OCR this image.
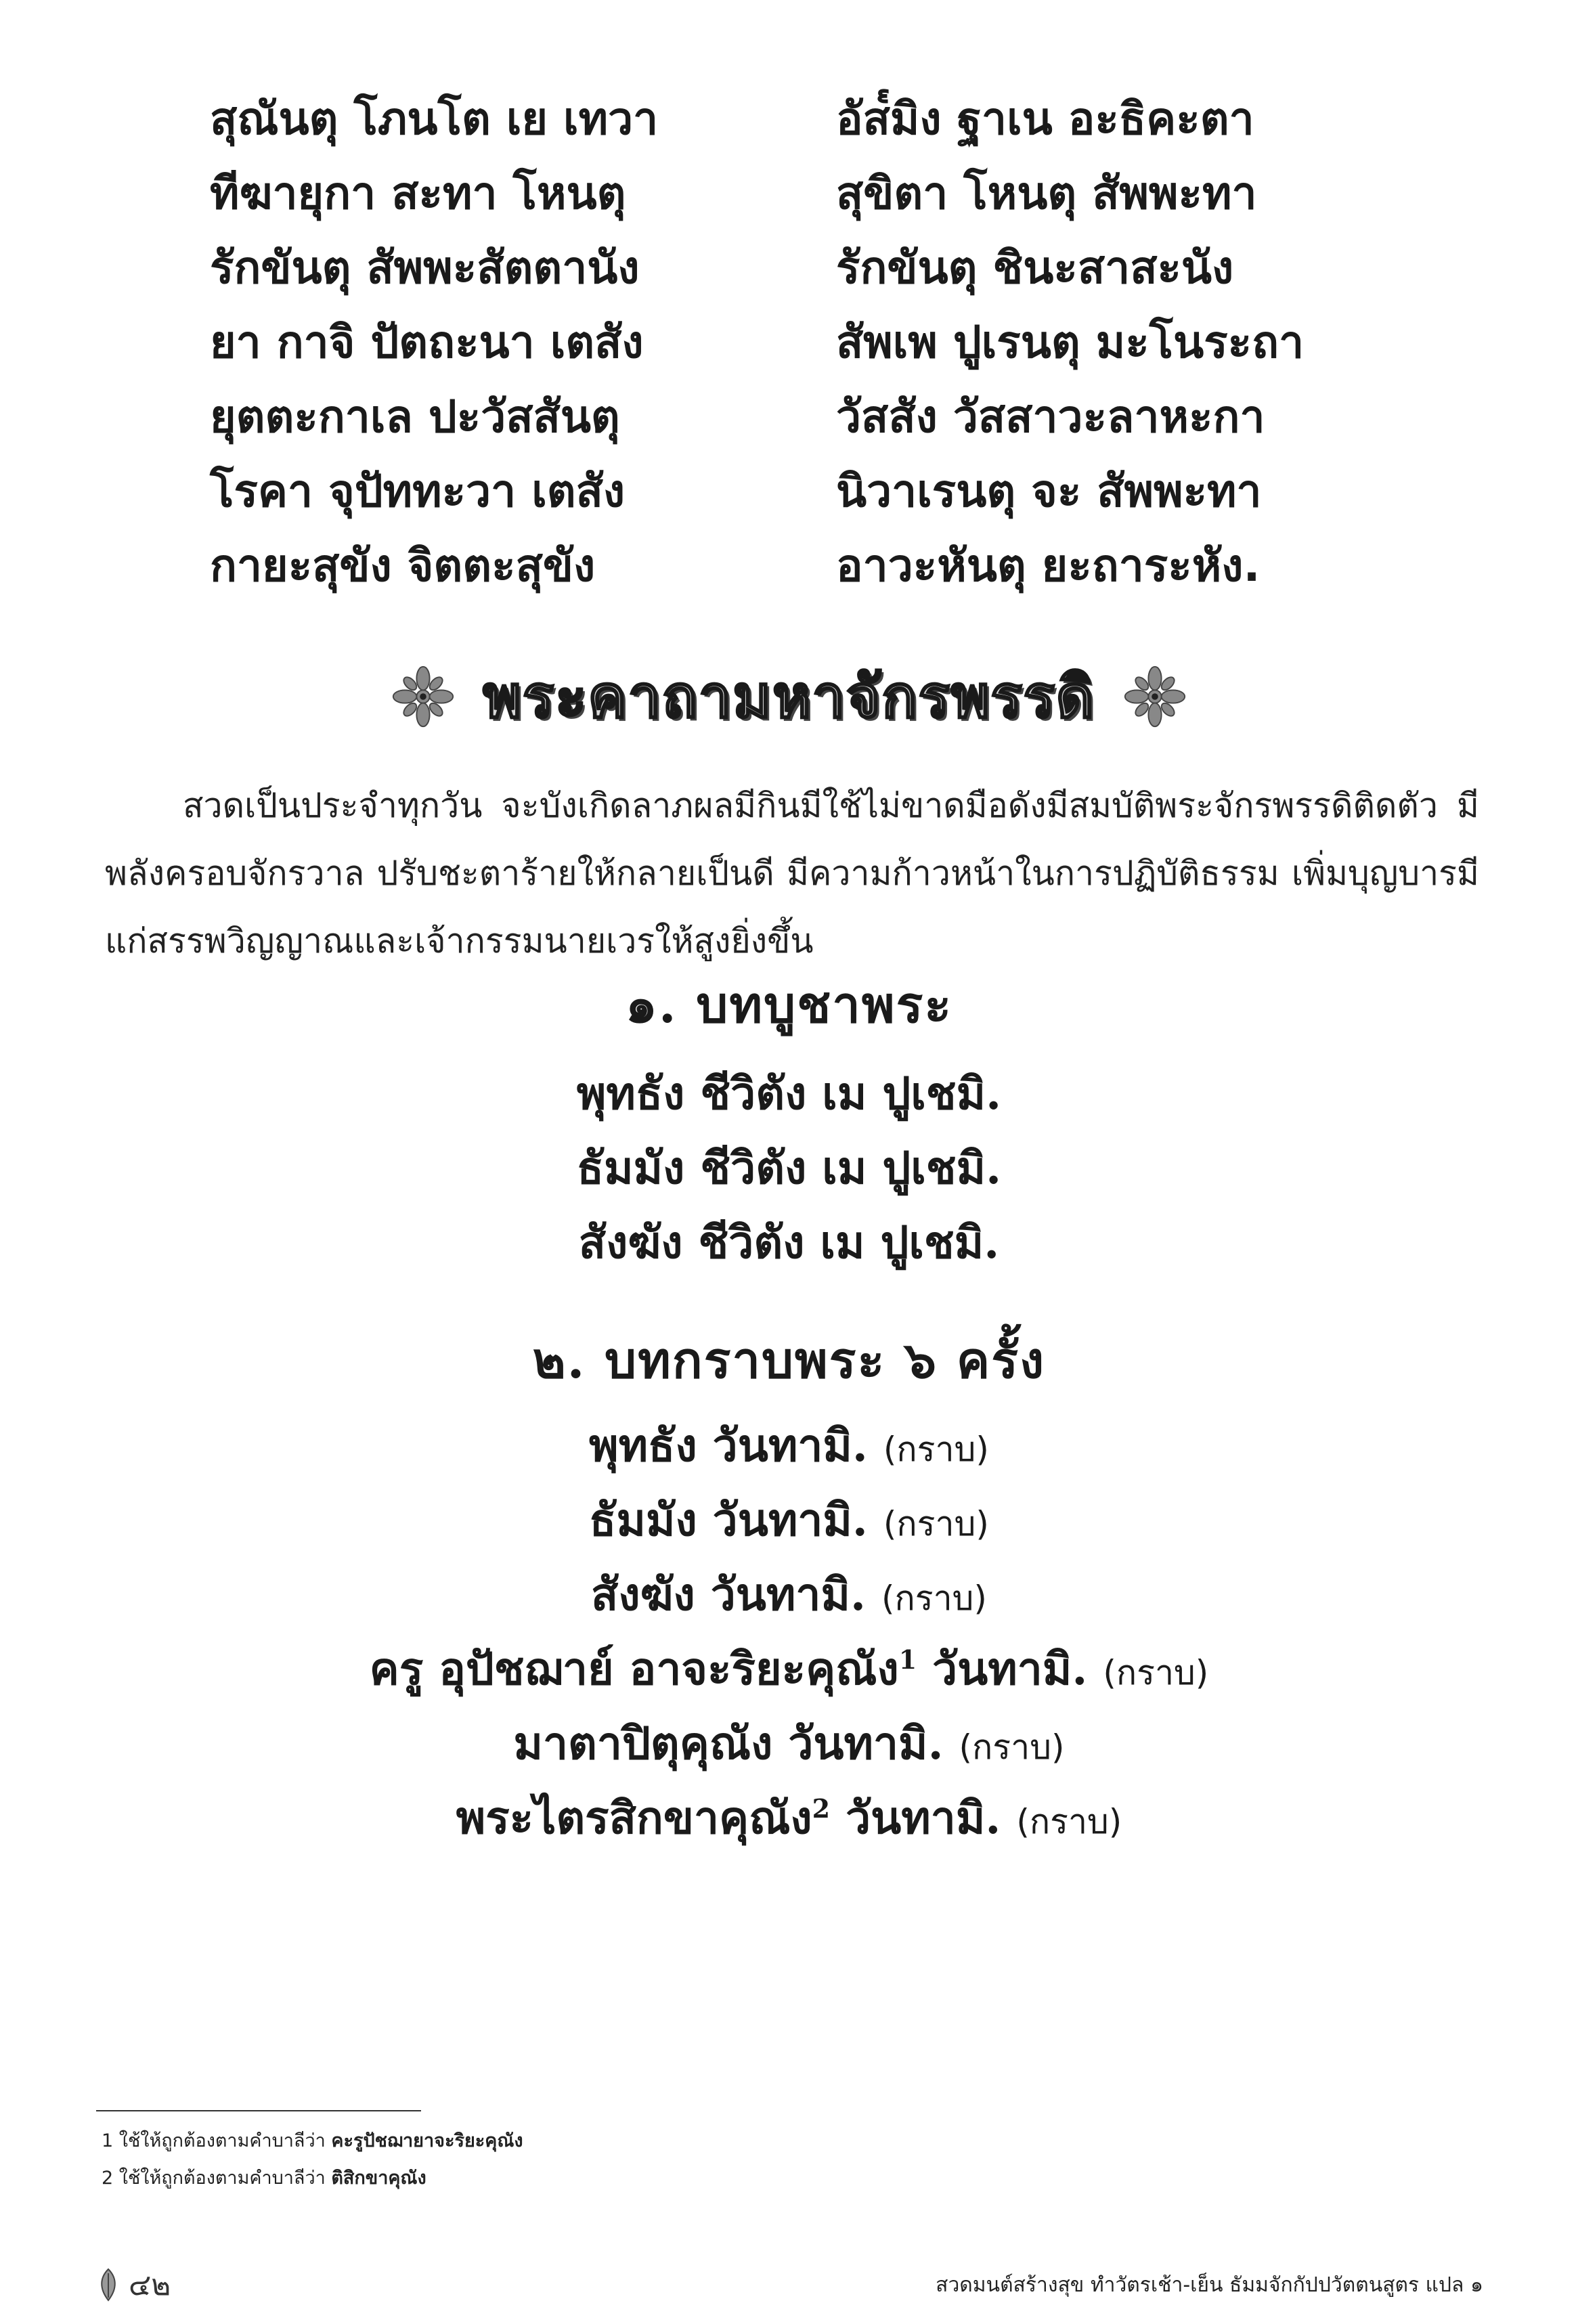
สุณันตุ โภนโต เย เทวา	อัส๎มิง ฐาเน อะธิคะตา
ทีฆายุกา สะทา โหนตุ	สุขิตา โหนตุ สัพพะทา
รักขันตุ สัพพะสัตตานัง	รักขันตุ ชินะสาสะนัง
ยา กาจิ ปัตถะนา เตสัง	สัพเพ ปูเรนตุ มะโนระถา
ยุตตะกาเล ปะวัสสันตุ	วัสสัง วัสสาวะลาหะกา
โรคา จุปัททะวา เตสัง	นิวาเรนตุ จะ สัพพะทา
กายะสุขัง จิตตะสุขัง	อาวะหันตุ ยะถาระหัง.
พระคาถามหาจักรพรรดิ

สวดเป็นประจำทุกวัน จะบังเกิดลาภผลมีกินมีใช้ไม่ขาดมือดังมีสมบัติพระจักรพรรดิติดตัว มีพลังครอบจักรวาล ปรับชะตาร้ายให้กลายเป็นดี มีความก้าวหน้าในการปฏิบัติธรรม เพิ่มบุญบารมีแก่สรรพวิญญาณและเจ้ากรรมนายเวรให้สูงยิ่งขึ้น

๑. บทบูชาพระ
พุทธัง ชีวิตัง เม ปูเชมิ.
ธัมมัง ชีวิตัง เม ปูเชมิ.
สังฆัง ชีวิตัง เม ปูเชมิ.
๒. บทกราบพระ ๖ ครั้ง
พุทธัง วันทามิ. (กราบ)
ธัมมัง วันทามิ. (กราบ)
สังฆัง วันทามิ. (กราบ)
ครู อุปัชฌาย์ อาจะริยะคุณัง$^1$ วันทามิ. (กราบ)
มาตาปิตุคุณัง วันทามิ. (กราบ)
พระไตรสิกขาคุณัง$^2$ วันทามิ. (กราบ)
1 ใช้ให้ถูกต้องตามคำบาลีว่า คะรูปัชฌายาจะริยะคุณัง
2 ใช้ให้ถูกต้องตามคำบาลีว่า ติสิกขาคุณัง
๔๒	สวดมนต์สร้างสุข ทำวัตรเช้า-เย็น ธัมมจักกัปปวัตตนสูตร แปล ๑
